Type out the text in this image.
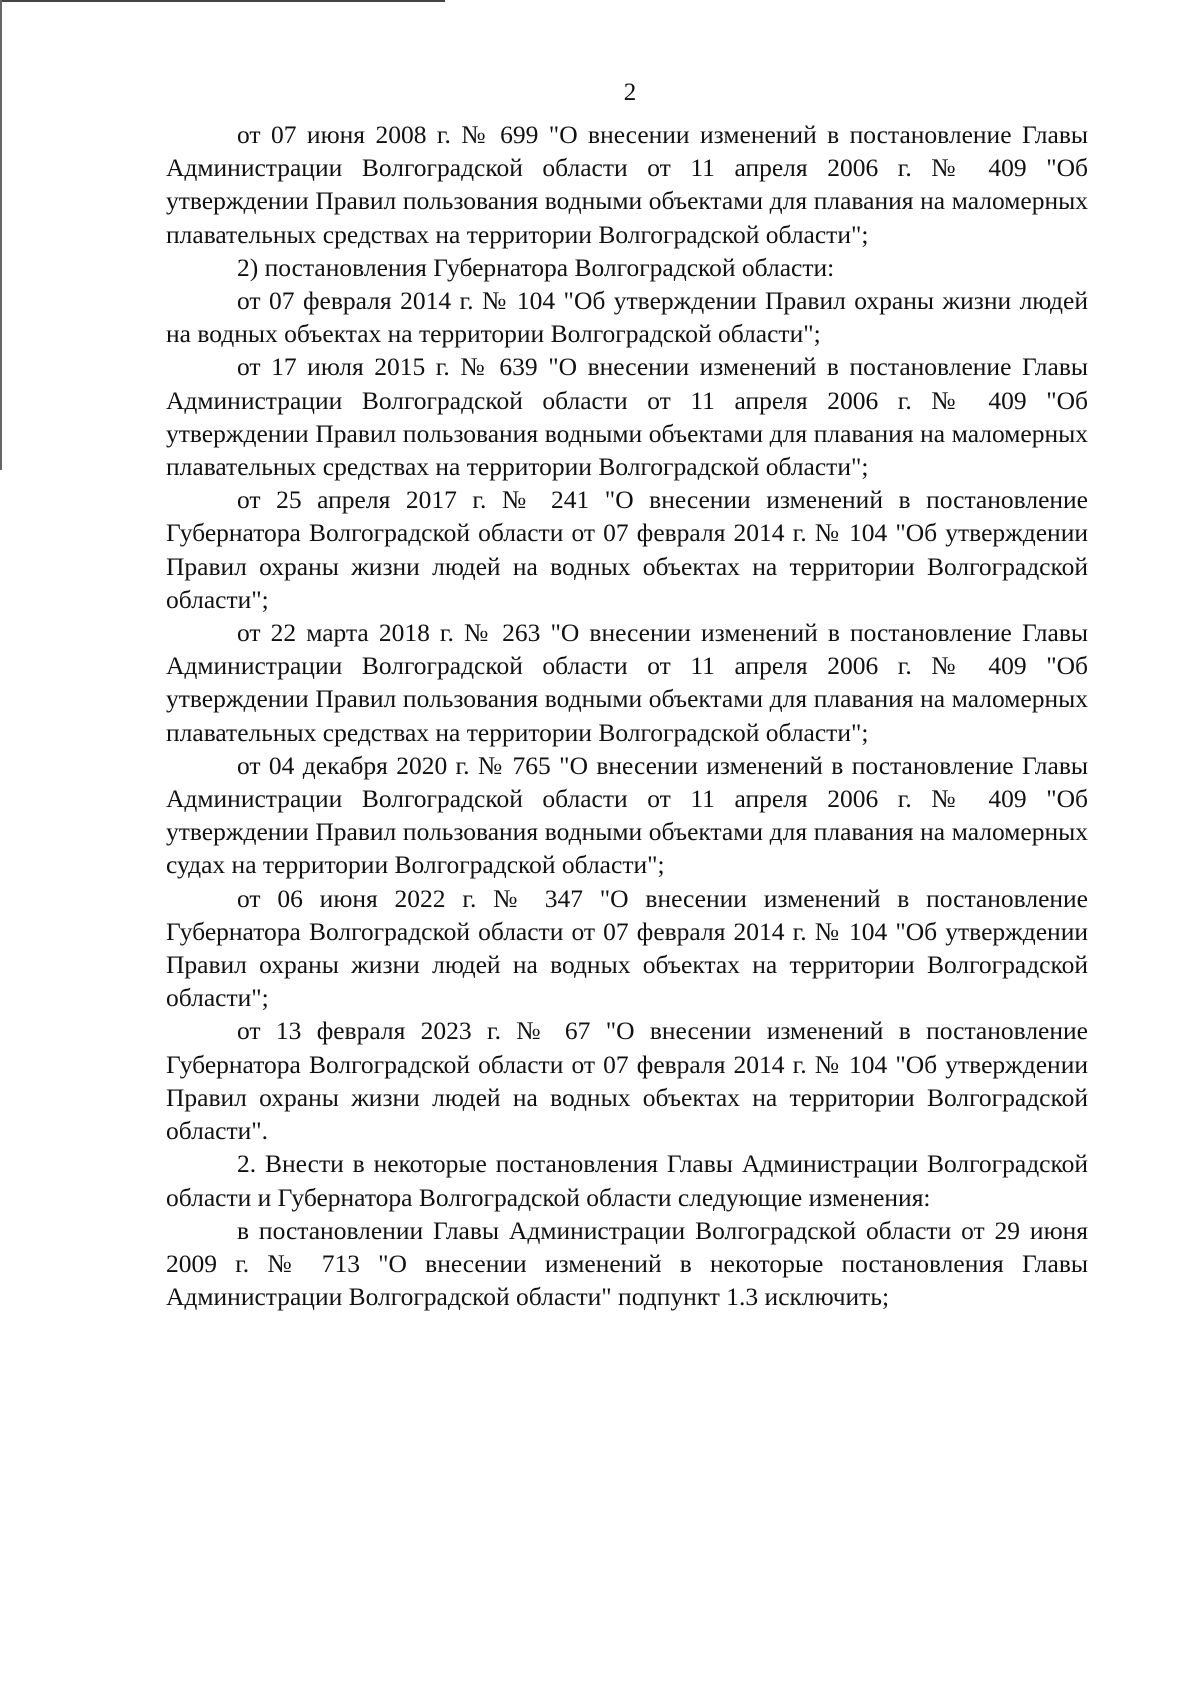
2

от 07 июня 2008 г. № 699 "О внесении изменений в постановление Главы Администрации Волгоградской области от 11 апреля 2006 г. № 409 "Об утверждении Правил пользования водными объектами для плавания на маломерных плавательных средствах на территории Волгоградской области";

2) постановления Губернатора Волгоградской области:

от 07 февраля 2014 г. № 104 "Об утверждении Правил охраны жизни людей на водных объектах на территории Волгоградской области";

от 17 июля 2015 г. № 639 "О внесении изменений в постановление Главы Администрации Волгоградской области от 11 апреля 2006 г. № 409 "Об утверждении Правил пользования водными объектами для плавания на маломерных плавательных средствах на территории Волгоградской области";

от 25 апреля 2017 г. № 241 "О внесении изменений в постановление Губернатора Волгоградской области от 07 февраля 2014 г. № 104 "Об утверждении Правил охраны жизни людей на водных объектах на территории Волгоградской области";

от 22 марта 2018 г. № 263 "О внесении изменений в постановление Главы Администрации Волгоградской области от 11 апреля 2006 г. № 409 "Об утверждении Правил пользования водными объектами для плавания на маломерных плавательных средствах на территории Волгоградской области";

от 04 декабря 2020 г. № 765 "О внесении изменений в постановление Главы Администрации Волгоградской области от 11 апреля 2006 г. № 409 "Об утверждении Правил пользования водными объектами для плавания на маломерных судах на территории Волгоградской области";

от 06 июня 2022 г. № 347 "О внесении изменений в постановление Губернатора Волгоградской области от 07 февраля 2014 г. № 104 "Об утверждении Правил охраны жизни людей на водных объектах на территории Волгоградской области";

от 13 февраля 2023 г. № 67 "О внесении изменений в постановление Губернатора Волгоградской области от 07 февраля 2014 г. № 104 "Об утверждении Правил охраны жизни людей на водных объектах на территории Волгоградской области".

2. Внести в некоторые постановления Главы Администрации Волгоградской области и Губернатора Волгоградской области следующие изменения:

в постановлении Главы Администрации Волгоградской области от 29 июня 2009 г. № 713 "О внесении изменений в некоторые постановления Главы Администрации Волгоградской области" подпункт 1.3 исключить;
